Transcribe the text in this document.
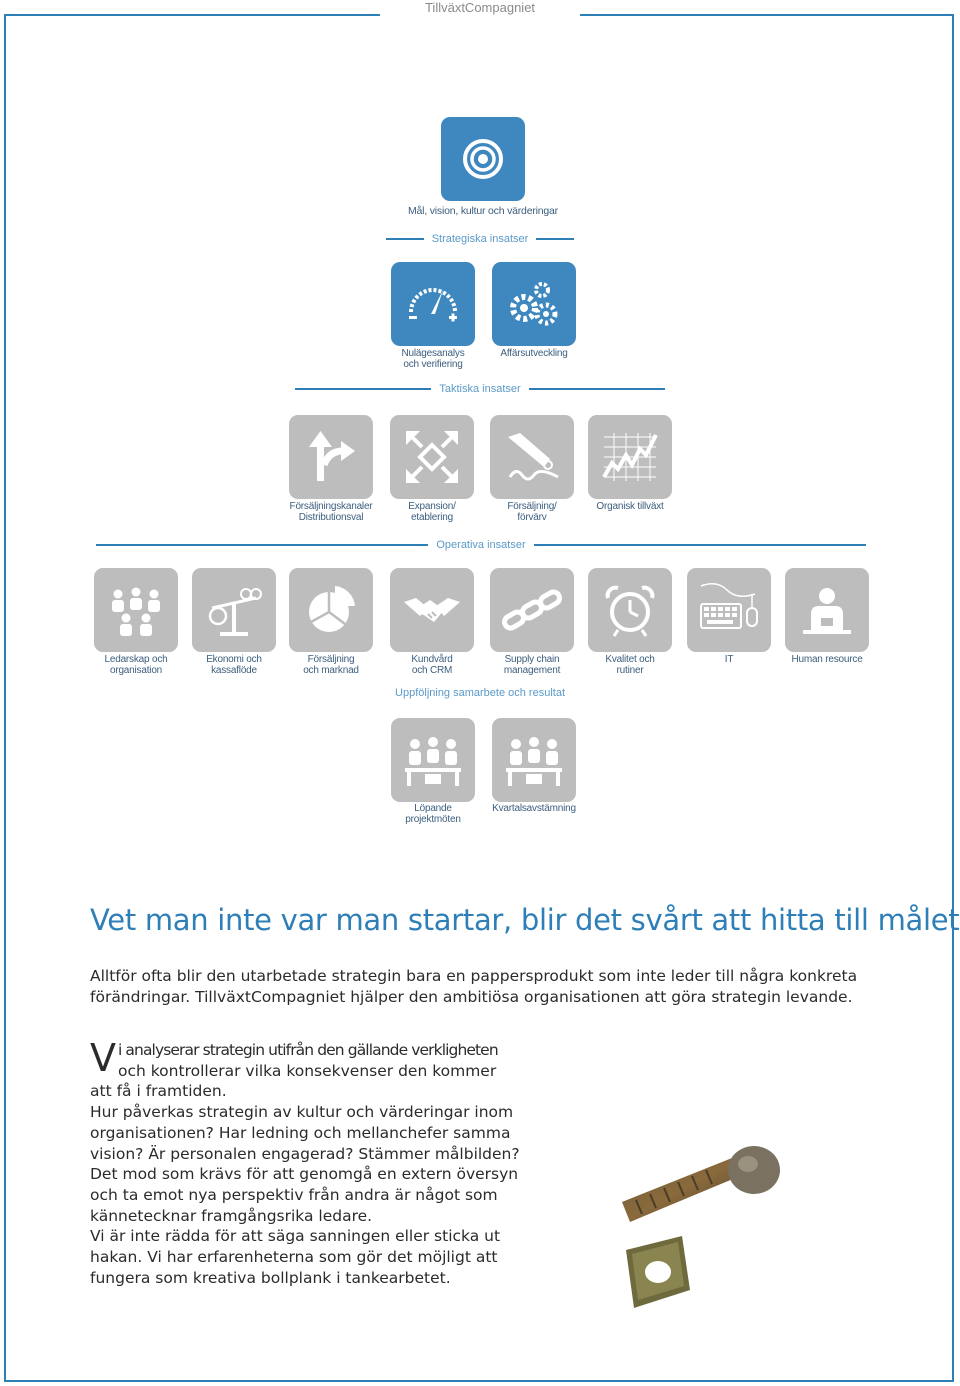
TillväxtCompagniet
Mål, vision, kultur och värderingar
Strategiska insatser
Nulägesanalys
och verifiering
Affärsutveckling
Taktiska insatser
Försäljningskanaler
Distributionsval
Expansion/
etablering
Försäljning/
förvärv
Organisk tillväxt
Operativa insatser
Ledarskap och
organisation
Ekonomi och
kassaflöde
Försäljning
och marknad
Kundvård
och CRM
Supply chain
management
Kvalitet och
rutiner
IT	Human resource
Uppföljning samarbete och resultat
Löpande
projektmöten
Kvartalsavstämning
Vet man inte var man startar, blir det svårt att hitta till målet
Alltför ofta blir den utarbetade strategin bara en pappersprodukt som inte leder till några konkreta förändringar. TillväxtCompagniet hjälper den ambitiösa organisationen att göra strategin levande.

V i analyserar strategin utifrån den gällande verkligheten och kontrollerar vilka konsekvenser den kommer att få i framtiden.

Hur påverkas strategin av kultur och värderingar inom organisationen? Har ledning och mellanchefer samma vision? Är personalen engagerad? Stämmer målbilden?

Det mod som krävs för att genomgå en extern översyn och ta emot nya perspektiv från andra är något som kännetecknar framgångsrika ledare.

Vi är inte rädda för att säga sanningen eller sticka ut hakan. Vi har erfarenheterna som gör det möjligt att fungera som kreativa bollplank i tankearbetet.
